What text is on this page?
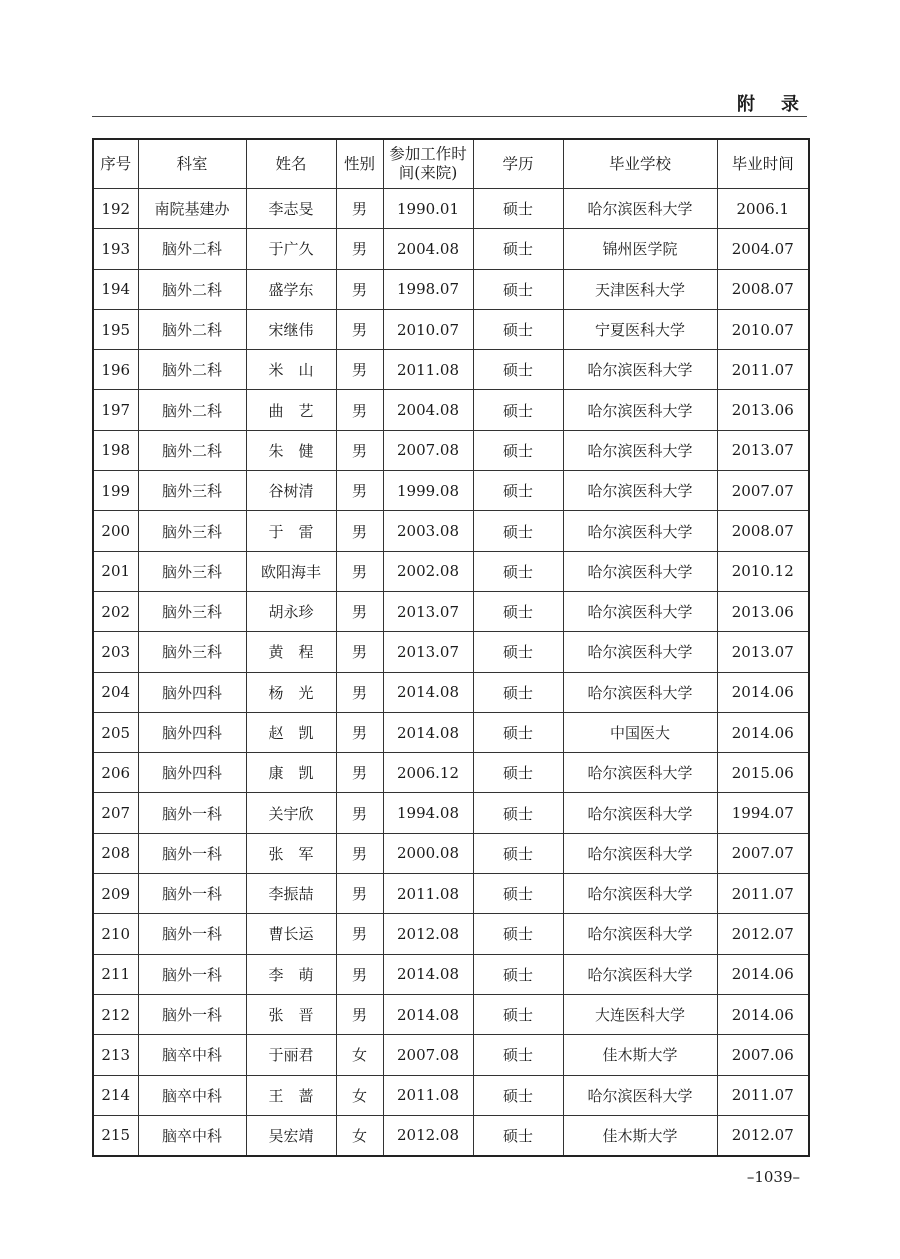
附录
序号	科室	姓名	性别	参加工作时间(来院)	学历	毕业学校	毕业时间
192	南院基建办	李志旻	男	1990.01	硕士	哈尔滨医科大学	2006.1
193	脑外二科	于广久	男	2004.08	硕士	锦州医学院	2004.07
194	脑外二科	盛学东	男	1998.07	硕士	天津医科大学	2008.07
195	脑外二科	宋继伟	男	2010.07	硕士	宁夏医科大学	2010.07
196	脑外二科	米　山	男	2011.08	硕士	哈尔滨医科大学	2011.07
197	脑外二科	曲　艺	男	2004.08	硕士	哈尔滨医科大学	2013.06
198	脑外二科	朱　健	男	2007.08	硕士	哈尔滨医科大学	2013.07
199	脑外三科	谷树清	男	1999.08	硕士	哈尔滨医科大学	2007.07
200	脑外三科	于　雷	男	2003.08	硕士	哈尔滨医科大学	2008.07
201	脑外三科	欧阳海丰	男	2002.08	硕士	哈尔滨医科大学	2010.12
202	脑外三科	胡永珍	男	2013.07	硕士	哈尔滨医科大学	2013.06
203	脑外三科	黄　程	男	2013.07	硕士	哈尔滨医科大学	2013.07
204	脑外四科	杨　光	男	2014.08	硕士	哈尔滨医科大学	2014.06
205	脑外四科	赵　凯	男	2014.08	硕士	中国医大	2014.06
206	脑外四科	康　凯	男	2006.12	硕士	哈尔滨医科大学	2015.06
207	脑外一科	关宇欣	男	1994.08	硕士	哈尔滨医科大学	1994.07
208	脑外一科	张　军	男	2000.08	硕士	哈尔滨医科大学	2007.07
209	脑外一科	李振喆	男	2011.08	硕士	哈尔滨医科大学	2011.07
210	脑外一科	曹长运	男	2012.08	硕士	哈尔滨医科大学	2012.07
211	脑外一科	李　萌	男	2014.08	硕士	哈尔滨医科大学	2014.06
212	脑外一科	张　晋	男	2014.08	硕士	大连医科大学	2014.06
213	脑卒中科	于丽君	女	2007.08	硕士	佳木斯大学	2007.06
214	脑卒中科	王　蔷	女	2011.08	硕士	哈尔滨医科大学	2011.07
215	脑卒中科	吴宏靖	女	2012.08	硕士	佳木斯大学	2012.07
–1039–
